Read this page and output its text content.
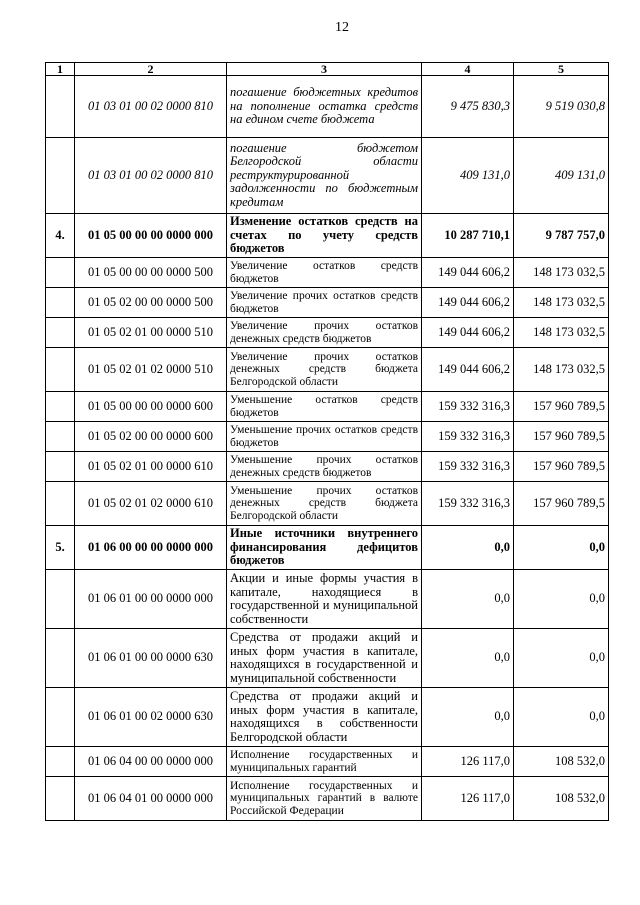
12
1	2	3	4	5
	01 03 01 00 02 0000 810	погашение бюджетных кредитов на пополнение остатка средств на едином счете бюджета	9 475 830,3	9 519 030,8
	01 03 01 00 02 0000 810	погашение бюджетом Белгородской области реструктурированной задолженности по бюджетным кредитам	409 131,0	409 131,0
4.	01 05 00 00 00 0000 000	Изменение остатков средств на счетах по учету средств бюджетов	10 287 710,1	9 787 757,0
	01 05 00 00 00 0000 500	Увеличение остатков средств бюджетов	149 044 606,2	148 173 032,5
	01 05 02 00 00 0000 500	Увеличение прочих остатков средств бюджетов	149 044 606,2	148 173 032,5
	01 05 02 01 00 0000 510	Увеличение прочих остатков денежных средств бюджетов	149 044 606,2	148 173 032,5
	01 05 02 01 02 0000 510	Увеличение прочих остатков денежных средств бюджета Белгородской области	149 044 606,2	148 173 032,5
	01 05 00 00 00 0000 600	Уменьшение остатков средств бюджетов	159 332 316,3	157 960 789,5
	01 05 02 00 00 0000 600	Уменьшение прочих остатков средств бюджетов	159 332 316,3	157 960 789,5
	01 05 02 01 00 0000 610	Уменьшение прочих остатков денежных средств бюджетов	159 332 316,3	157 960 789,5
	01 05 02 01 02 0000 610	Уменьшение прочих остатков денежных средств бюджета Белгородской области	159 332 316,3	157 960 789,5
5.	01 06 00 00 00 0000 000	Иные источники внутреннего финансирования дефицитов бюджетов	0,0	0,0
	01 06 01 00 00 0000 000	Акции и иные формы участия в капитале, находящиеся в государственной и муниципальной собственности	0,0	0,0
	01 06 01 00 00 0000 630	Средства от продажи акций и иных форм участия в капитале, находящихся в государственной и муниципальной собственности	0,0	0,0
	01 06 01 00 02 0000 630	Средства от продажи акций и иных форм участия в капитале, находящихся в собственности Белгородской области	0,0	0,0
	01 06 04 00 00 0000 000	Исполнение государственных и муниципальных гарантий	126 117,0	108 532,0
	01 06 04 01 00 0000 000	Исполнение государственных и муниципальных гарантий в валюте Российской Федерации	126 117,0	108 532,0
